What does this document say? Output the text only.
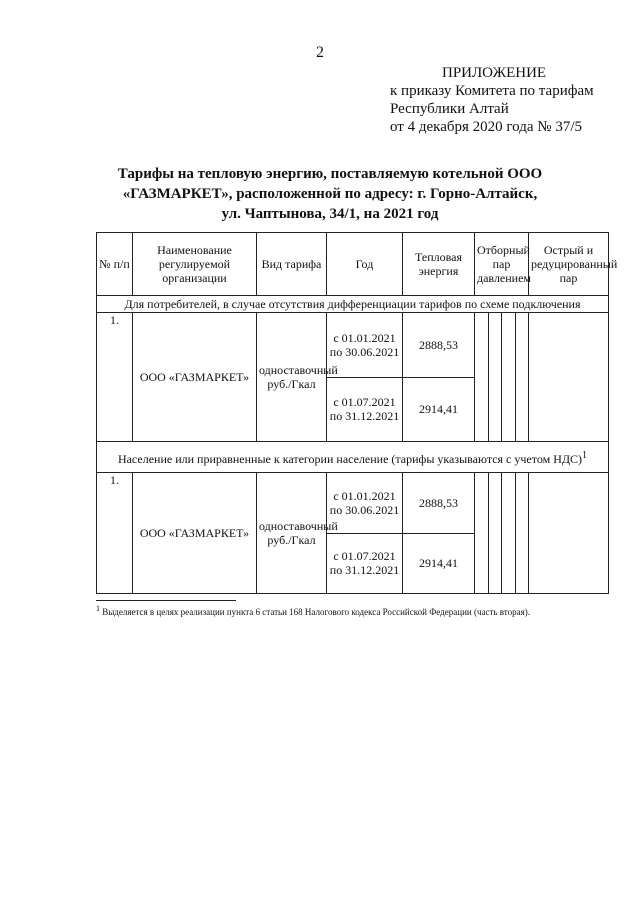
2
ПРИЛОЖЕНИЕ
к приказу Комитета по тарифам
Республики Алтай
от 4 декабря 2020 года № 37/5
Тарифы на тепловую энергию, поставляемую котельной ООО
«ГАЗМАРКЕТ», расположенной по адресу: г. Горно-Алтайск,
ул. Чаптынова, 34/1, на 2021 год
№ п/п	Наименование регулируемой организации	Вид тарифа	Год	Тепловая энергия	Отборный пар давлением	Острый и редуцированный пар
Для потребителей, в случае отсутствия дифференциации тарифов по схеме подключения						
1.	ООО «ГАЗМАРКЕТ»	одноставочный руб./Гкал	с 01.01.2021 по 30.06.2021	2888,53	

			с 01.07.2021 по 31.12.2021	2914,41		
Население или приравненные к категории население (тарифы указываются с учетом НДС)$^1$
1.	ООО «ГАЗМАРКЕТ»	одноставочный руб./Гкал	с 01.01.2021 по 30.06.2021	2888,53	

			с 01.07.2021 по 31.12.2021	2914,41		
$^1$ Выделяется в целях реализации пункта 6 статьи 168 Налогового кодекса Российской Федерации (часть вторая).
